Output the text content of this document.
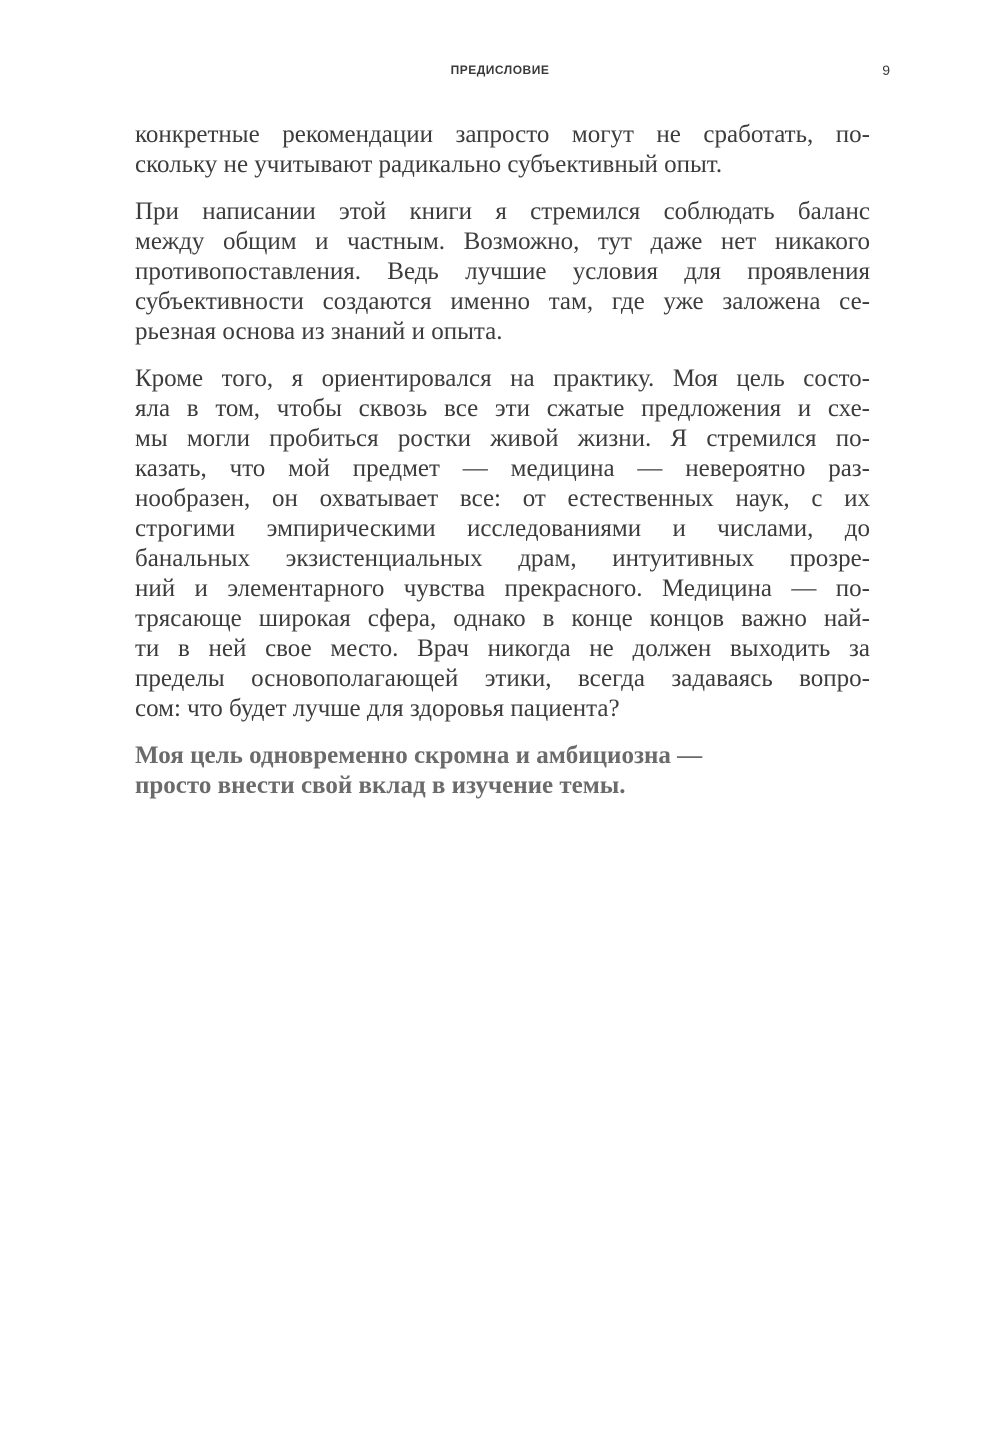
ПРЕДИСЛОВИЕ	9

конкретные рекомендации запросто могут не сработать, по-
скольку не учитывают радикально субъективный опыт.

При написании этой книги я стремился соблюдать баланс
между общим и частным. Возможно, тут даже нет никакого
противопоставления. Ведь лучшие условия для проявления
субъективности создаются именно там, где уже заложена се-
рьезная основа из знаний и опыта.

Кроме того, я ориентировался на практику. Моя цель состо-
яла в том, чтобы сквозь все эти сжатые предложения и схе-
мы могли пробиться ростки живой жизни. Я стремился по-
казать, что мой предмет — медицина — невероятно раз-
нообразен, он охватывает все: от естественных наук, с их
строгими эмпирическими исследованиями и числами, до
банальных экзистенциальных драм, интуитивных прозре-
ний и элементарного чувства прекрасного. Медицина — по-
трясающе широкая сфера, однако в конце концов важно най-
ти в ней свое место. Врач никогда не должен выходить за
пределы основополагающей этики, всегда задаваясь вопро-
сом: что будет лучше для здоровья пациента?

Моя цель одновременно скромна и амбициозна —
просто внести свой вклад в изучение темы.
